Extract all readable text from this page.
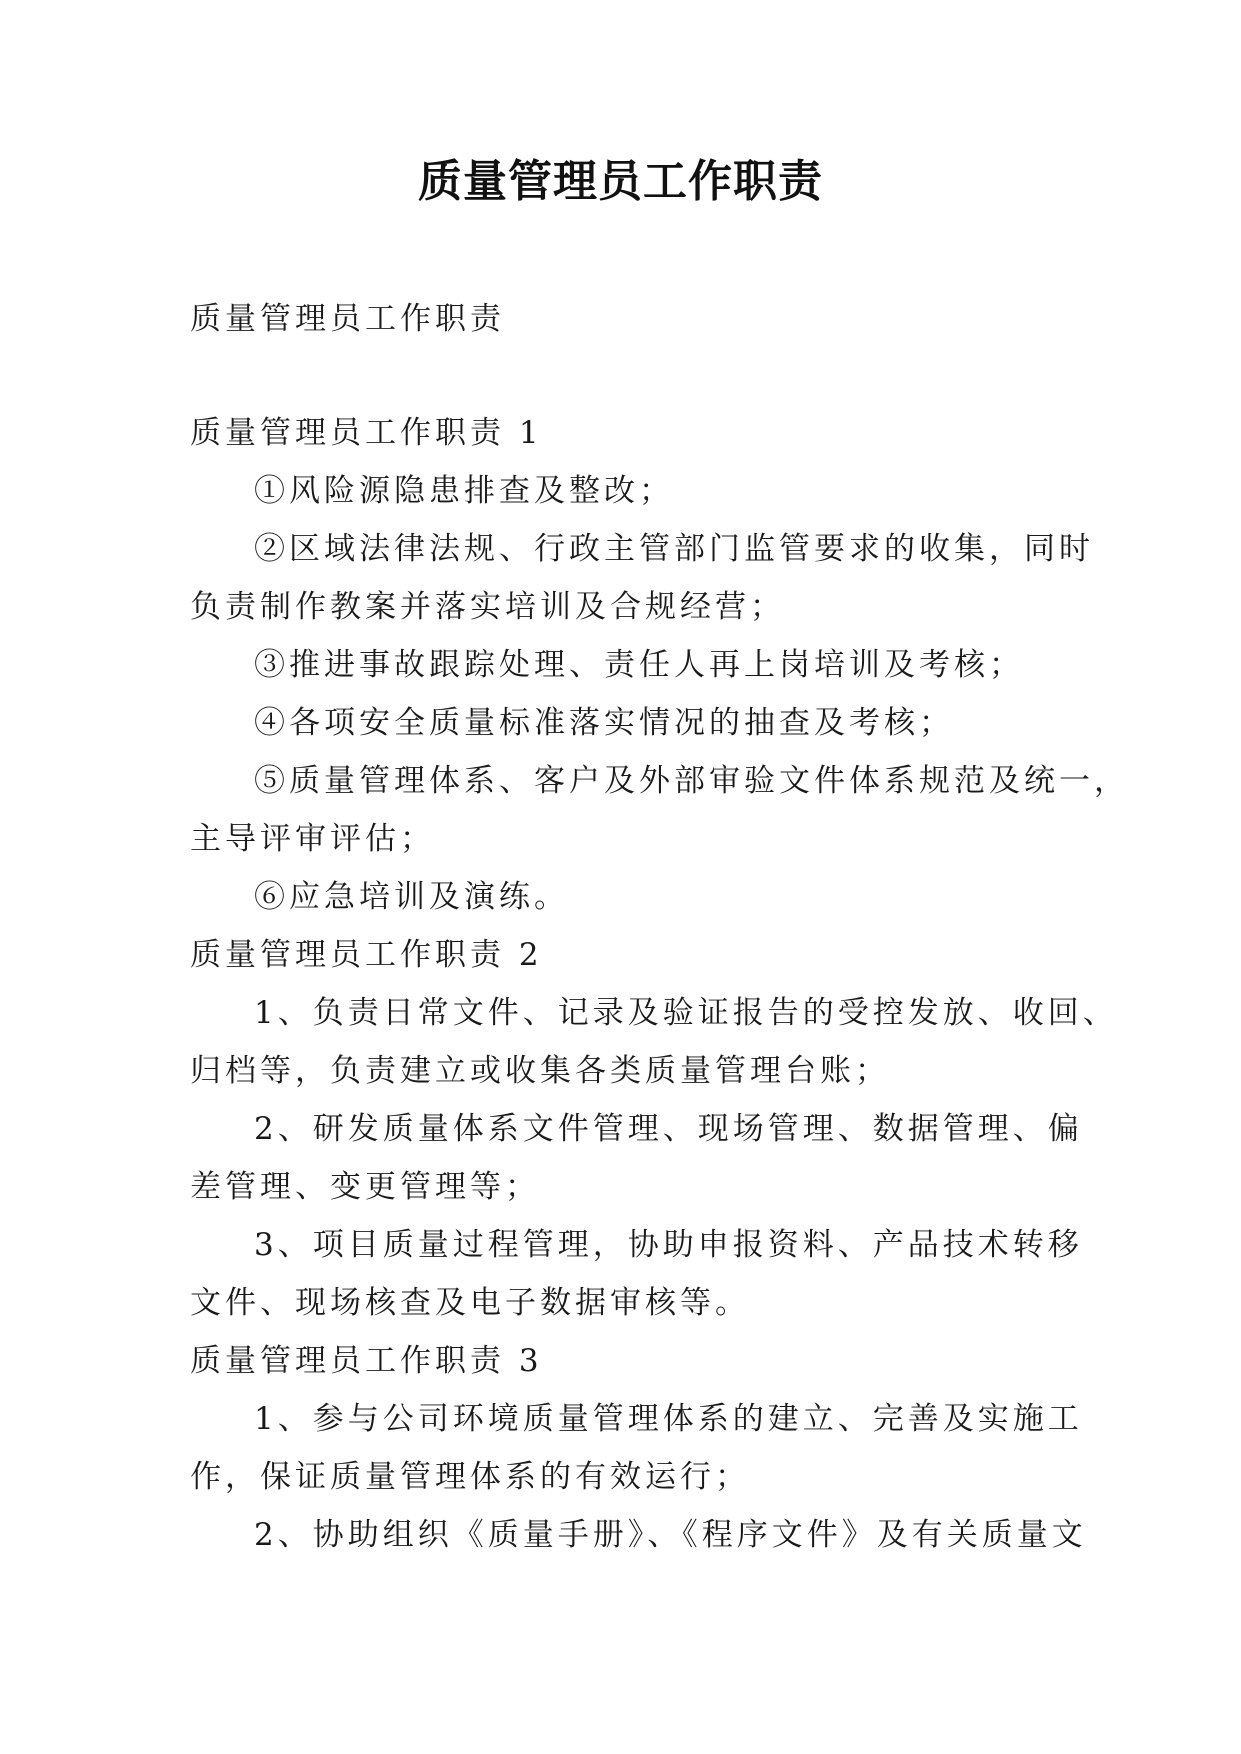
质量管理员工作职责
质量管理员工作职责
质量管理员工作职责 1
①风险源隐患排查及整改；
②区域法律法规、行政主管部门监管要求的收集，同时
负责制作教案并落实培训及合规经营；
③推进事故跟踪处理、责任人再上岗培训及考核；
④各项安全质量标准落实情况的抽查及考核；
⑤质量管理体系、客户及外部审验文件体系规范及统一，
主导评审评估；
⑥应急培训及演练。
质量管理员工作职责 2
1、负责日常文件、记录及验证报告的受控发放、收回、
归档等，负责建立或收集各类质量管理台账；
2、研发质量体系文件管理、现场管理、数据管理、偏
差管理、变更管理等；
3、项目质量过程管理，协助申报资料、产品技术转移
文件、现场核查及电子数据审核等。
质量管理员工作职责 3
1、参与公司环境质量管理体系的建立、完善及实施工
作，保证质量管理体系的有效运行；
2、协助组织《质量手册》、《程序文件》及有关质量文
